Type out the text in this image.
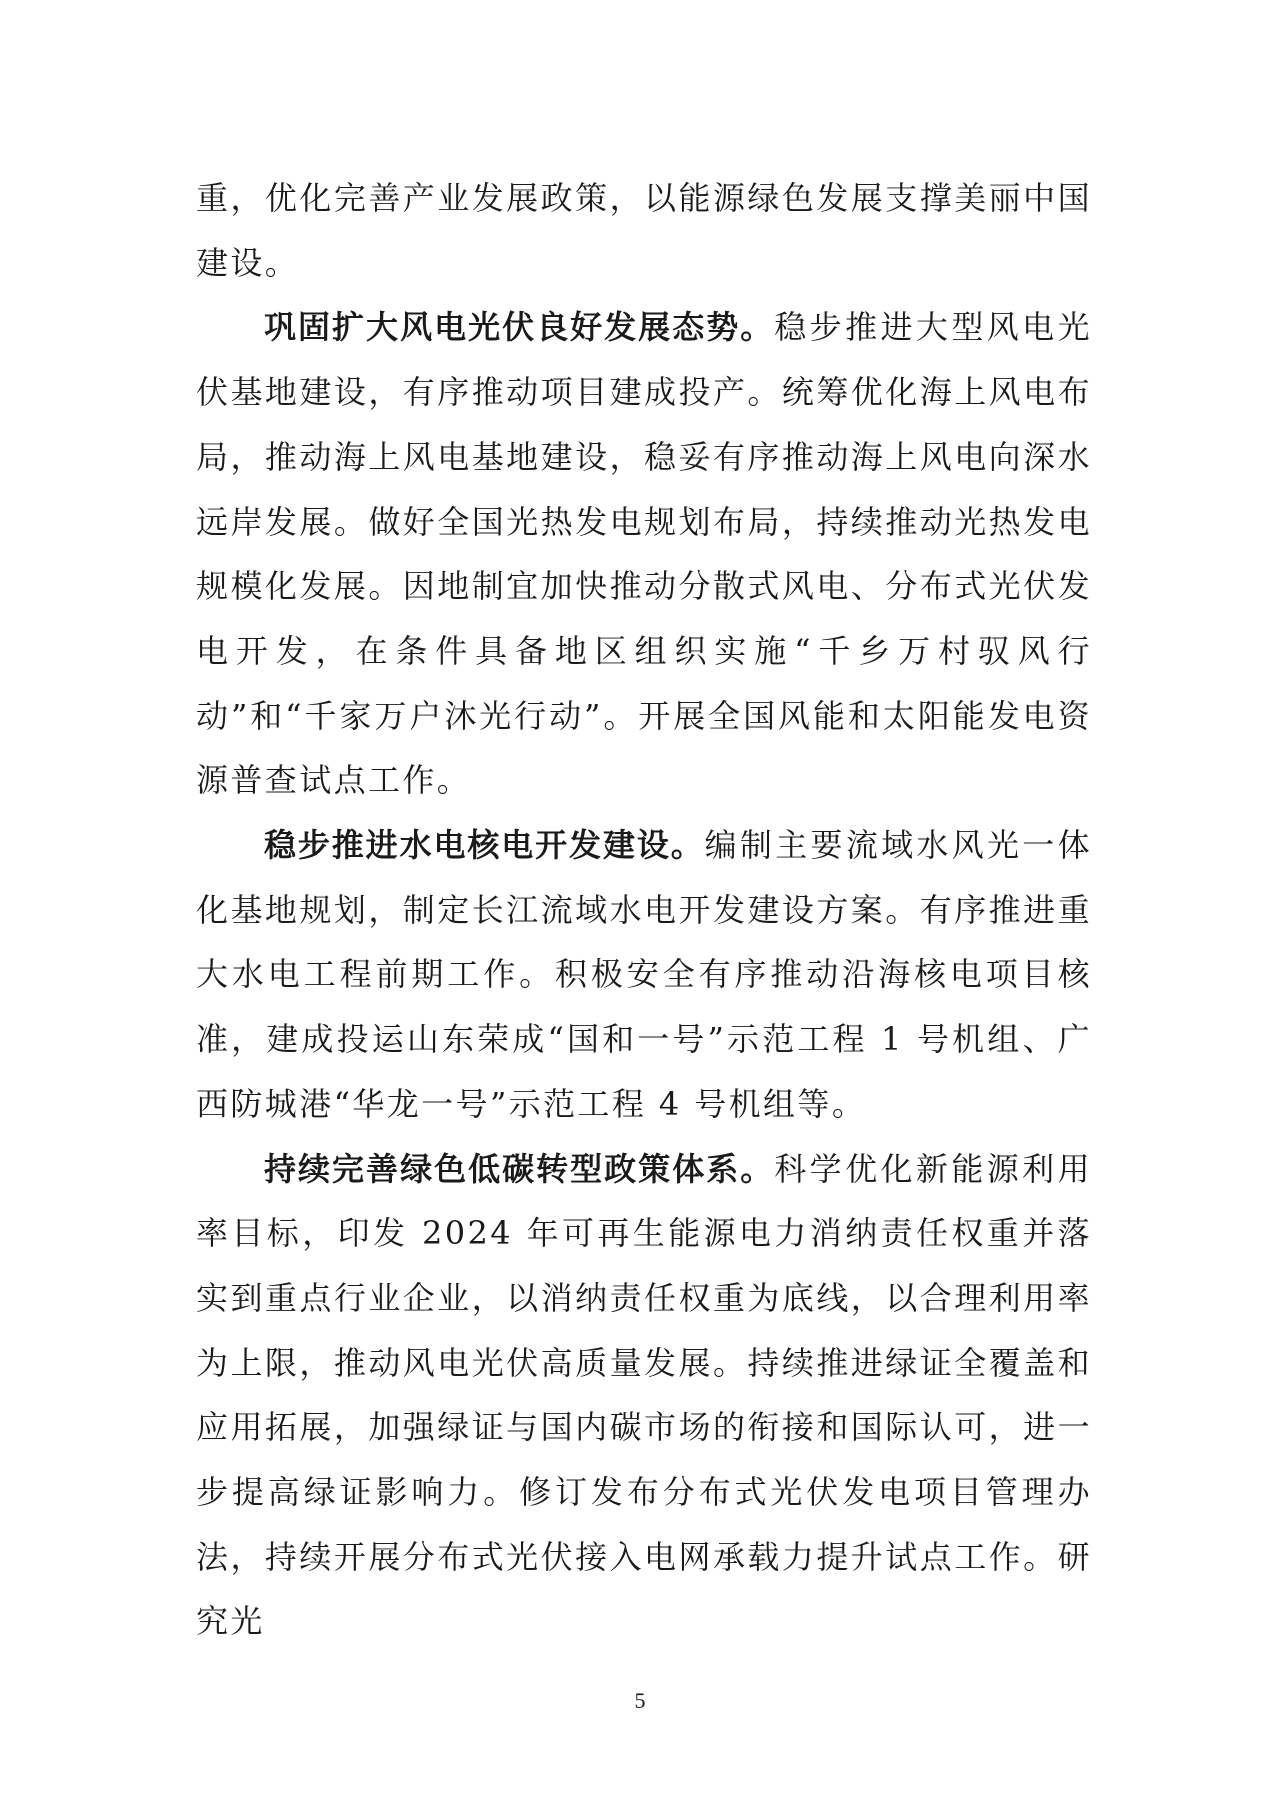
重，优化完善产业发展政策，以能源绿色发展支撑美丽中国建设。

巩固扩大风电光伏良好发展态势。稳步推进大型风电光伏基地建设，有序推动项目建成投产。统筹优化海上风电布局，推动海上风电基地建设，稳妥有序推动海上风电向深水远岸发展。做好全国光热发电规划布局，持续推动光热发电规模化发展。因地制宜加快推动分散式风电、分布式光伏发电开发，在条件具备地区组织实施“千乡万村驭风行动”和“千家万户沐光行动”。开展全国风能和太阳能发电资源普查试点工作。

稳步推进水电核电开发建设。编制主要流域水风光一体化基地规划，制定长江流域水电开发建设方案。有序推进重大水电工程前期工作。积极安全有序推动沿海核电项目核准，建成投运山东荣成“国和一号”示范工程 1 号机组、广西防城港“华龙一号”示范工程 4 号机组等。

持续完善绿色低碳转型政策体系。科学优化新能源利用率目标，印发 2024 年可再生能源电力消纳责任权重并落实到重点行业企业，以消纳责任权重为底线，以合理利用率为上限，推动风电光伏高质量发展。持续推进绿证全覆盖和应用拓展，加强绿证与国内碳市场的衔接和国际认可，进一步提高绿证影响力。修订发布分布式光伏发电项目管理办法，持续开展分布式光伏接入电网承载力提升试点工作。研究光

5
